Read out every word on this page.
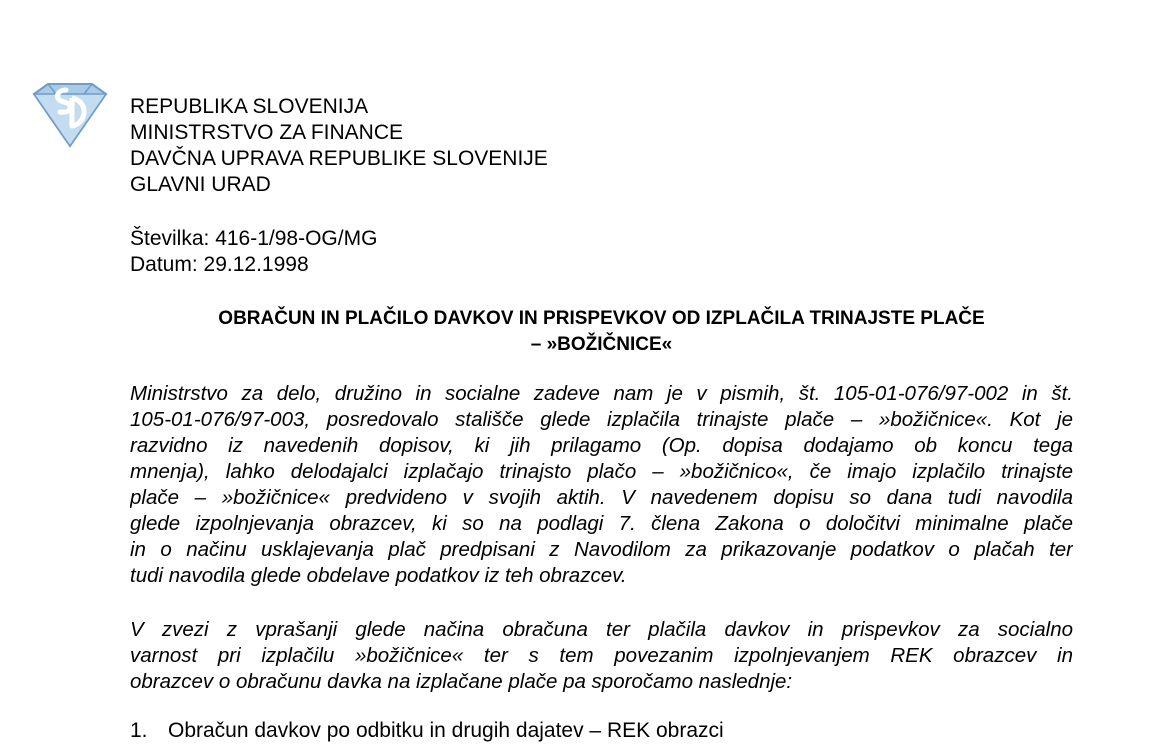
REPUBLIKA SLOVENIJA
MINISTRSTVO ZA FINANCE
DAVČNA UPRAVA REPUBLIKE SLOVENIJE
GLAVNI URAD
Številka: 416-1/98-OG/MG
Datum: 29.12.1998
OBRAČUN IN PLAČILO DAVKOV IN PRISPEVKOV OD IZPLAČILA TRINAJSTE PLAČE
– »BOŽIČNICE«
Ministrstvo za delo, družino in socialne zadeve nam je v pismih, št. 105-01-076/97-002 in št.
105-01-076/97-003, posredovalo stališče glede izplačila trinajste plače – »božičnice«. Kot je
razvidno iz navedenih dopisov, ki jih prilagamo (Op. dopisa dodajamo ob koncu tega
mnenja), lahko delodajalci izplačajo trinajsto plačo – »božičnico«, če imajo izplačilo trinajste
plače – »božičnice« predvideno v svojih aktih. V navedenem dopisu so dana tudi navodila
glede izpolnjevanja obrazcev, ki so na podlagi 7. člena Zakona o določitvi minimalne plače
in o načinu usklajevanja plač predpisani z Navodilom za prikazovanje podatkov o plačah ter
tudi navodila glede obdelave podatkov iz teh obrazcev.
V zvezi z vprašanji glede načina obračuna ter plačila davkov in prispevkov za socialno
varnost pri izplačilu »božičnice« ter s tem povezanim izpolnjevanjem REK obrazcev in
obrazcev o obračunu davka na izplačane plače pa sporočamo naslednje:
1. Obračun davkov po odbitku in drugih dajatev – REK obrazci
